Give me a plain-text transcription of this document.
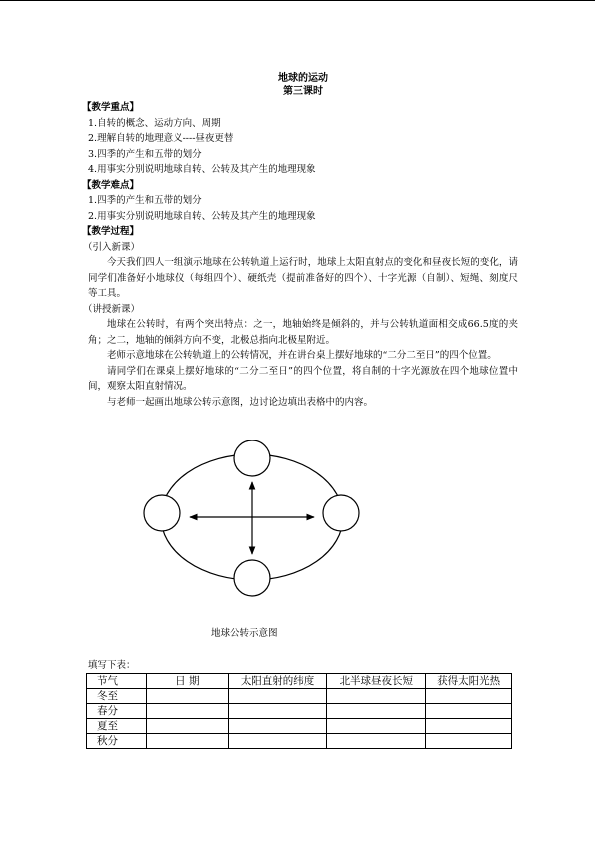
地球的运动
第三课时
【教学重点】
1.自转的概念、运动方向、周期
2.理解自转的地理意义----昼夜更替
3.四季的产生和五带的划分
4.用事实分别说明地球自转、公转及其产生的地理现象
【教学难点】
1.四季的产生和五带的划分
2.用事实分别说明地球自转、公转及其产生的地理现象
【教学过程】
（引入新课）
今天我们四人一组演示地球在公转轨道上运行时，地球上太阳直射点的变化和昼夜长短的变化，请同学们准备好小地球仪（每组四个）、硬纸壳（提前准备好的四个）、十字光源（自制）、短绳、刻度尺等工具。
（讲授新课）
地球在公转时，有两个突出特点：之一，地轴始终是倾斜的，并与公转轨道面相交成66.5度的夹角；之二，地轴的倾斜方向不变，北极总指向北极星附近。
老师示意地球在公转轨道上的公转情况，并在讲台桌上摆好地球的“二分二至日”的四个位置。
请同学们在课桌上摆好地球的“二分二至日”的四个位置，将自制的十字光源放在四个地球位置中间，观察太阳直射情况。
与老师一起画出地球公转示意图，边讨论边填出表格中的内容。
地球公转示意图
填写下表：
节气	日 期	太阳直射的纬度	北半球昼夜长短	获得太阳光热
冬至				
春分				
夏至				
秋分				
